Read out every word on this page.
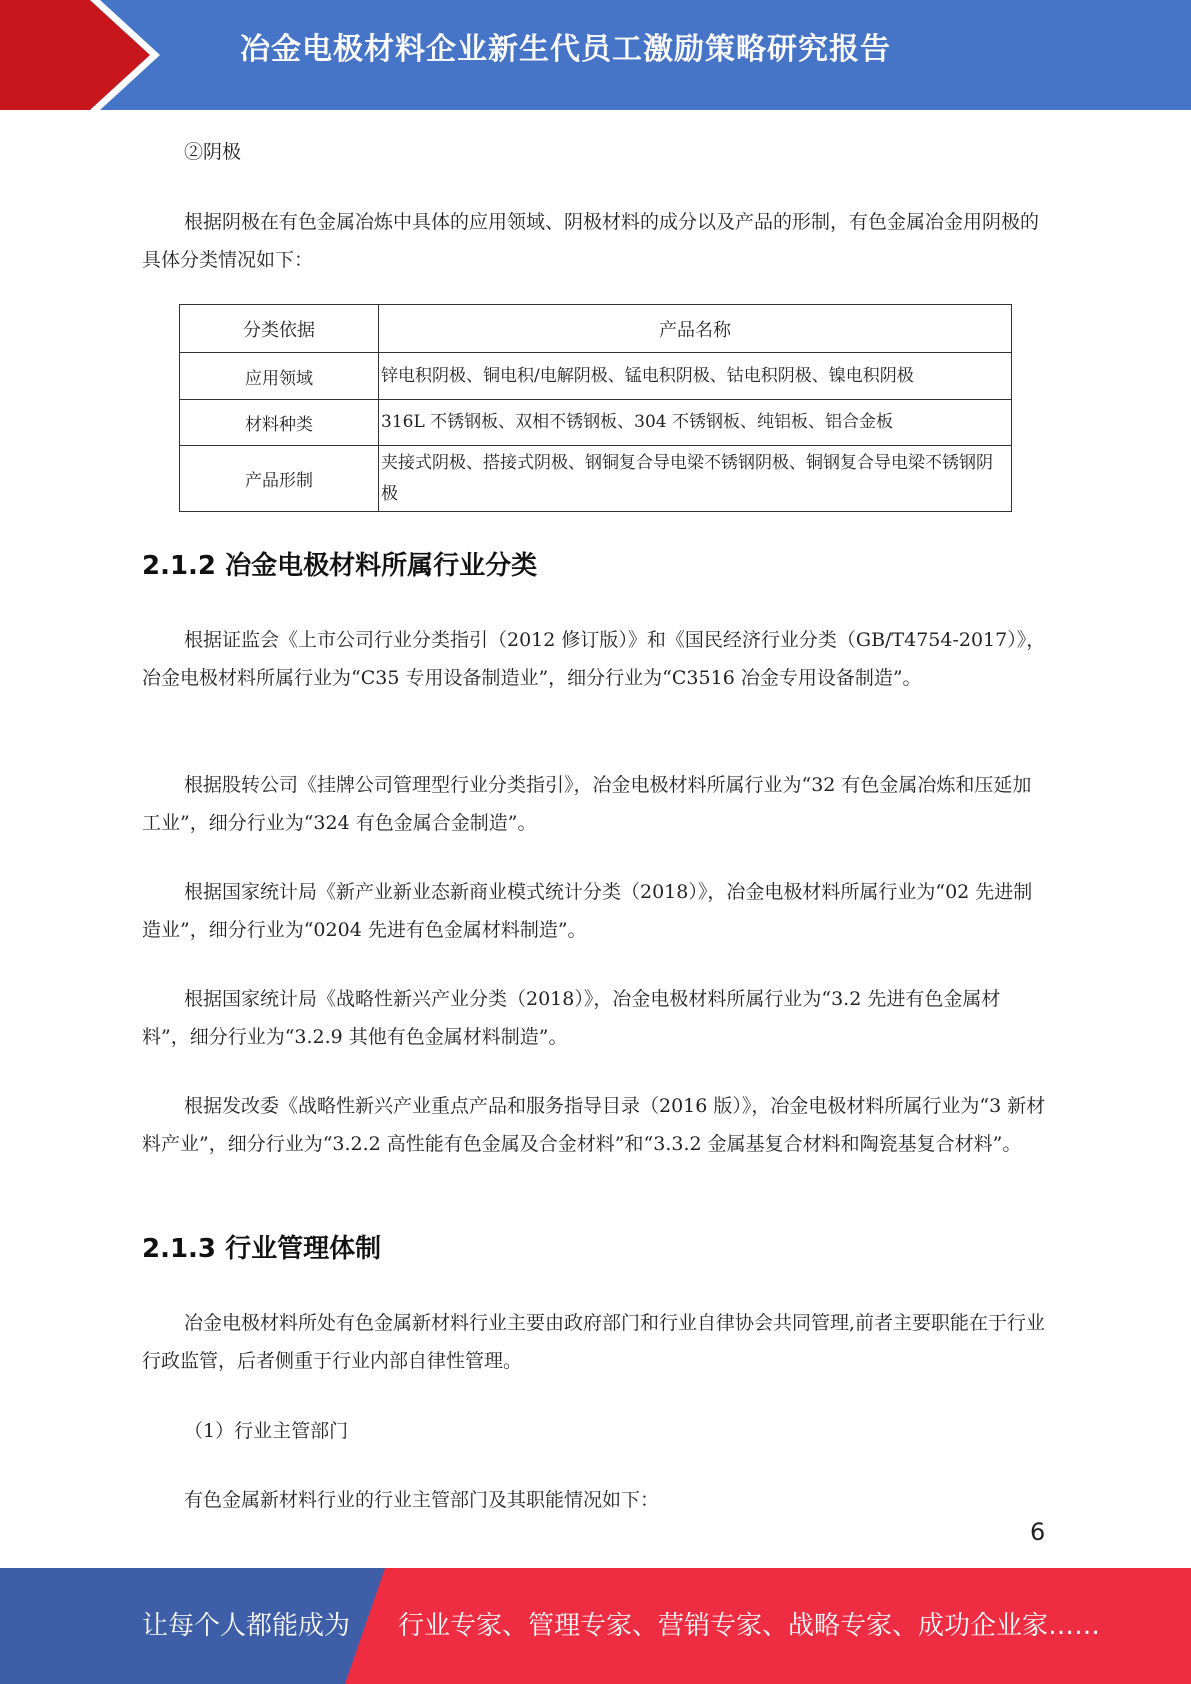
冶金电极材料企业新生代员工激励策略研究报告

②阴极

根据阴极在有色金属冶炼中具体的应用领域、阴极材料的成分以及产品的形制，有色金属冶金用阴极的具体分类情况如下：

2.1.2 冶金电极材料所属行业分类

根据证监会《上市公司行业分类指引（2012 修订版）》和《国民经济行业分类（GB/T4754-2017）》，冶金电极材料所属行业为“C35 专用设备制造业”，细分行业为“C3516 冶金专用设备制造”。

根据股转公司《挂牌公司管理型行业分类指引》，冶金电极材料所属行业为“32 有色金属冶炼和压延加工业”，细分行业为“324 有色金属合金制造”。

根据国家统计局《新产业新业态新商业模式统计分类（2018）》，冶金电极材料所属行业为“02 先进制造业”，细分行业为“0204 先进有色金属材料制造”。

根据国家统计局《战略性新兴产业分类（2018）》，冶金电极材料所属行业为“3.2 先进有色金属材料”，细分行业为“3.2.9 其他有色金属材料制造”。

根据发改委《战略性新兴产业重点产品和服务指导目录（2016 版）》，冶金电极材料所属行业为“3 新材料产业”，细分行业为“3.2.2 高性能有色金属及合金材料”和“3.3.2 金属基复合材料和陶瓷基复合材料”。

2.1.3 行业管理体制

冶金电极材料所处有色金属新材料行业主要由政府部门和行业自律协会共同管理,前者主要职能在于行业行政监管，后者侧重于行业内部自律性管理。

（1）行业主管部门

有色金属新材料行业的行业主管部门及其职能情况如下：

分类依据	产品名称
应用领域	锌电积阴极、铜电积/电解阴极、锰电积阴极、钴电积阴极、镍电积阴极
材料种类	316L 不锈钢板、双相不锈钢板、304 不锈钢板、纯铝板、铝合金板
产品形制	夹接式阴极、搭接式阴极、钢铜复合导电梁不锈钢阴极、铜钢复合导电梁不锈钢阴极
6
让每个人都能成为 行业专家、管理专家、营销专家、战略专家、成功企业家……
